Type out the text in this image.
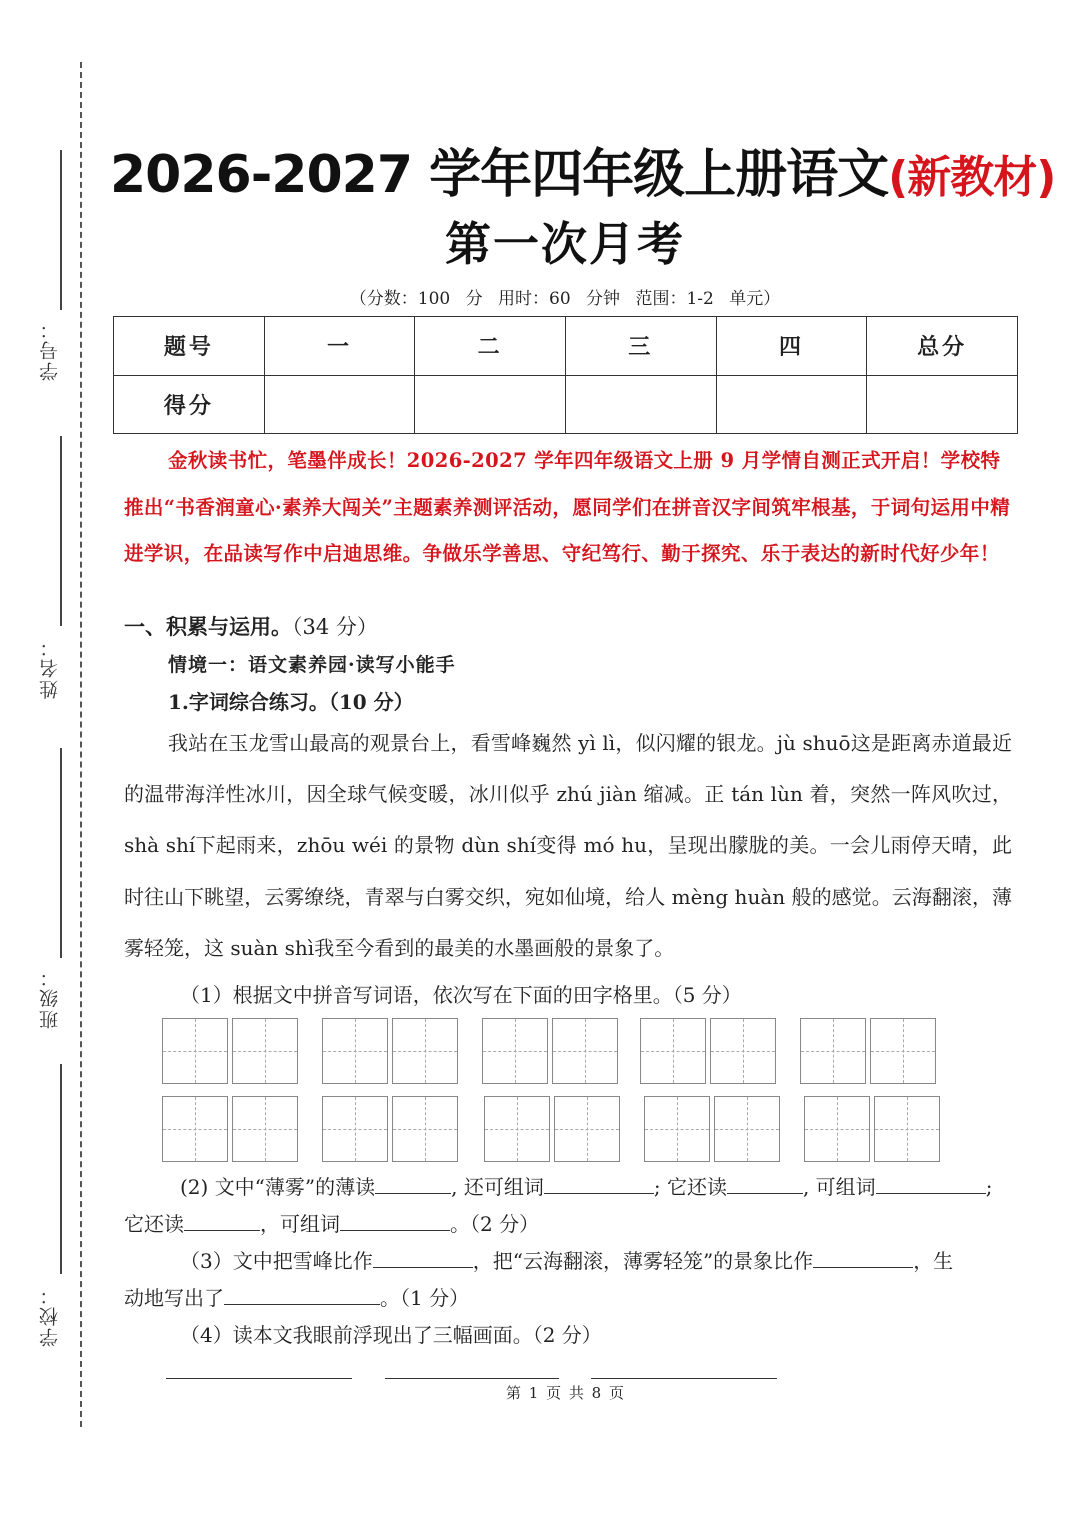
学号：
姓名：
班级：
学校：
2026-2027 学年四年级上册语文(新教材)
第一次月考
（分数：100 分 用时：60 分钟 范围：1-2 单元）
题号	一	二	三	四	总分
得分					
金秋读书忙，笔墨伴成长！2026-2027 学年四年级语文上册 9 月学情自测正式开启！学校特推出“书香润童心·素养大闯关”主题素养测评活动，愿同学们在拼音汉字间筑牢根基，于词句运用中精进学识，在品读写作中启迪思维。争做乐学善思、守纪笃行、勤于探究、乐于表达的新时代好少年！
一、积累与运用。（34 分）
情境一：语文素养园·读写小能手
1.字词综合练习。（10 分）
我站在玉龙雪山最高的观景台上，看雪峰巍然 yì lì，似闪耀的银龙。jù shuō这是距离赤道最近的温带海洋性冰川，因全球气候变暖，冰川似乎 zhú jiàn 缩减。正 tán lùn 着，突然一阵风吹过，shà shí下起雨来，zhōu wéi 的景物 dùn shí变得 mó hu，呈现出朦胧的美。一会儿雨停天晴，此时往山下眺望，云雾缭绕，青翠与白雾交织，宛如仙境，给人 mèng huàn 般的感觉。云海翻滚，薄雾轻笼，这 suàn shì我至今看到的最美的水墨画般的景象了。
（1）根据文中拼音写词语，依次写在下面的田字格里。（5 分）
(2) 文中“薄雾”的薄读	, 还可组词	; 它还读	, 可组词	;
它还读	，可组词	。（2 分）
（3）文中把雪峰比作	，把“云海翻滚，薄雾轻笼”的景象比作	，生
动地写出了	。（1 分）
（4）读本文我眼前浮现出了三幅画面。（2 分）
第 1 页 共 8 页
